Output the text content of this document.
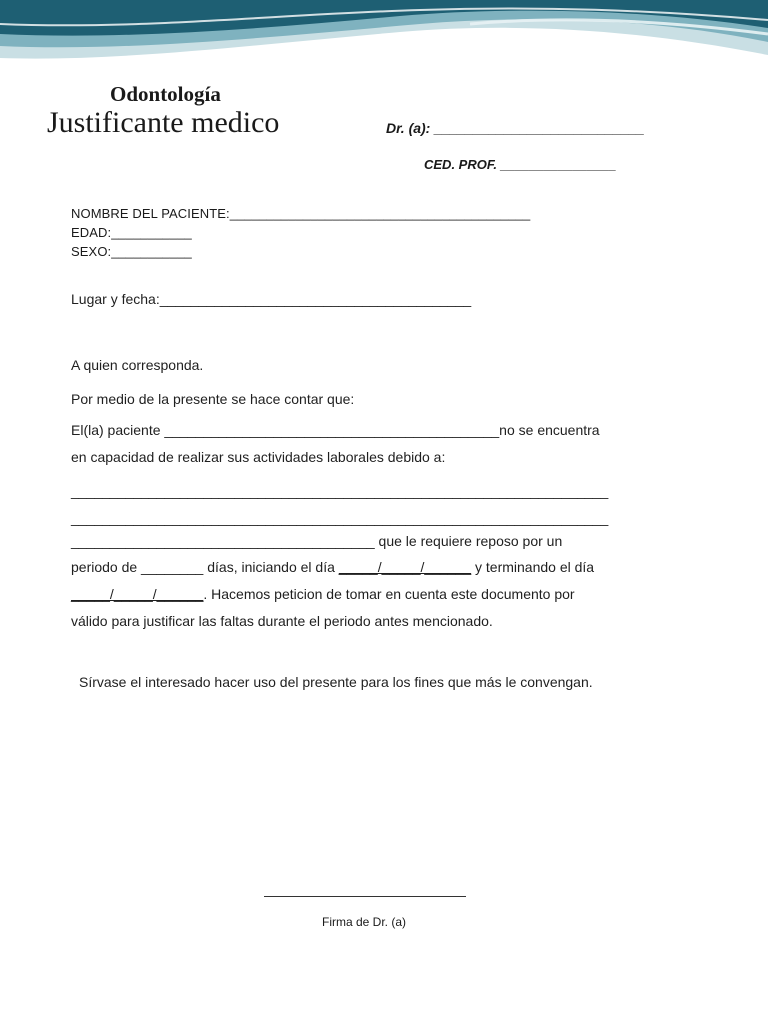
Odontología
Justificante medico	Dr. (a): ___________________________
CED. PROF. ________________
NOMBRE DEL PACIENTE:_________________________________________
EDAD:___________
SEXO:___________
Lugar y fecha:________________________________________
A quien corresponda.
Por medio de la presente se hace contar que:
El(la) paciente ___________________________________________no se encuentra
en capacidad de realizar sus actividades laborales debido a:
_____________________________________________________________________
_____________________________________________________________________
_______________________________________ que le requiere reposo por un
periodo de ________ días, iniciando el día _____/_____/______ y terminando el día
_____/_____/______. Hacemos peticion de tomar en cuenta este documento por
válido para justificar las faltas durante el periodo antes mencionado.
Sírvase el interesado hacer uso del presente para los fines que más le convengan.
Firma de Dr. (a)
